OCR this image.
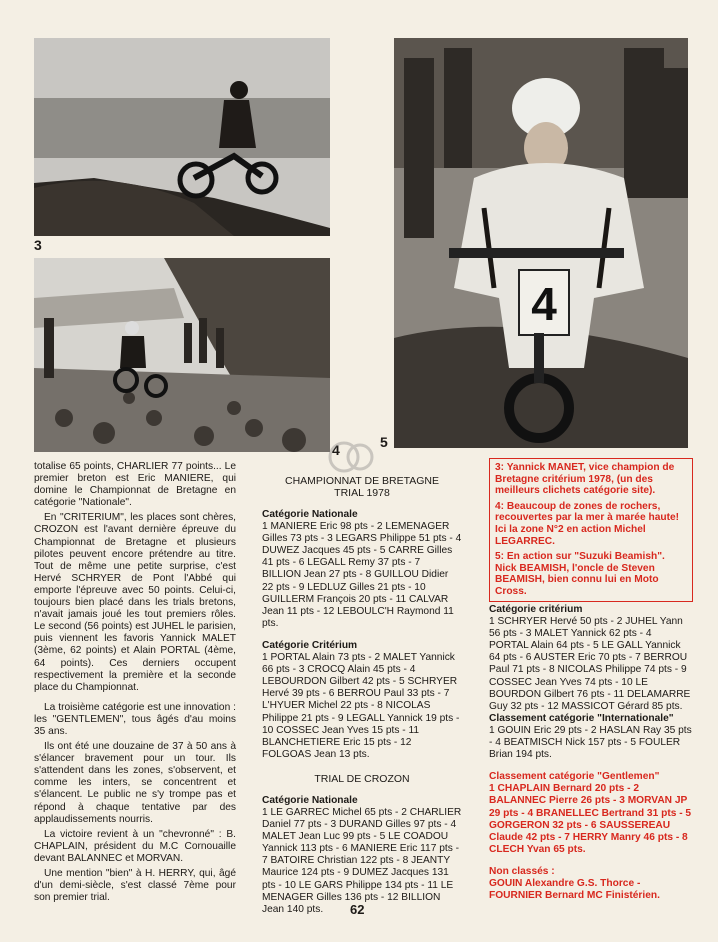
3
4
4	5

totalise 65 points, CHARLIER 77 points... Le premier breton est Eric MANIERE, qui domine le Championnat de Bretagne en catégorie "Nationale".

En "CRITERIUM", les places sont chères, CROZON est l'avant dernière épreuve du Championnat de Bretagne et plusieurs pilotes peuvent encore prétendre au titre. Tout de même une petite surprise, c'est Hervé SCHRYER de Pont l'Abbé qui emporte l'épreuve avec 50 points. Celui-ci, toujours bien placé dans les trials bretons, n'avait jamais joué les tout premiers rôles. Le second (56 points) est JUHEL le parisien, puis viennent les favoris Yannick MALET (3ème, 62 points) et Alain PORTAL (4ème, 64 points). Ces derniers occupent respectivement la première et la seconde place du Championnat.

La troisième catégorie est une innovation : les "GENTLEMEN", tous âgés d'au moins 35 ans.

Ils ont été une douzaine de 37 à 50 ans à s'élancer bravement pour un tour. Ils s'attendent dans les zones, s'observent, et comme les inters, se concentrent et s'élancent. Le public ne s'y trompe pas et répond à chaque tentative par des applaudissements nourris.

La victoire revient à un "chevronné" : B. CHAPLAIN, président du M.C Cornouaille devant BALANNEC et MORVAN.

Une mention "bien" à H. HERRY, qui, âgé d'un demi-siècle, s'est classé 7ème pour son premier trial.

CHAMPIONNAT DE BRETAGNE

TRIAL 1978

Catégorie Nationale

1 MANIERE Eric 98 pts - 2 LEMENAGER Gilles 73 pts - 3 LEGARS Philippe 51 pts - 4 DUWEZ Jacques 45 pts - 5 CARRE Gilles 41 pts - 6 LEGALL Remy 37 pts - 7 BILLION Jean 27 pts - 8 GUILLOU Didier 22 pts - 9 LEDLUZ Gilles 21 pts - 10 GUILLERM François 20 pts - 11 CALVAR Jean 11 pts - 12 LEBOULC'H Raymond 11 pts.

Catégorie Critérium

1 PORTAL Alain 73 pts - 2 MALET Yannick 66 pts - 3 CROCQ Alain 45 pts - 4 LEBOURDON Gilbert 42 pts - 5 SCHRYER Hervé 39 pts - 6 BERROU Paul 33 pts - 7 L'HYUER Michel 22 pts - 8 NICOLAS Philippe 21 pts - 9 LEGALL Yannick 19 pts - 10 COSSEC Jean Yves 15 pts - 11 BLANCHETIERE Eric 15 pts - 12 FOLGOAS Jean 13 pts.

TRIAL DE CROZON

Catégorie Nationale

1 LE GARREC Michel 65 pts - 2 CHARLIER Daniel 77 pts - 3 DURAND Gilles 97 pts - 4 MALET Jean Luc 99 pts - 5 LE COADOU Yannick 113 pts - 6 MANIERE Eric 117 pts - 7 BATOIRE Christian 122 pts - 8 JEANTY Maurice 124 pts - 9 DUMEZ Jacques 131 pts - 10 LE GARS Philippe 134 pts - 11 LE MENAGER Gilles 136 pts - 12 BILLION Jean 140 pts.

3: Yannick MANET, vice champion de Bretagne critérium 1978, (un des meilleurs clichets catégorie site).

4: Beaucoup de zones de rochers, recouvertes par la mer à marée haute! Ici la zone N°2 en action Michel LEGARREC.

5: En action sur "Suzuki Beamish". Nick BEAMISH, l'oncle de Steven BEAMISH, bien connu lui en Moto Cross.

Catégorie critérium

1 SCHRYER Hervé 50 pts - 2 JUHEL Yann 56 pts - 3 MALET Yannick 62 pts - 4 PORTAL Alain 64 pts - 5 LE GALL Yannick 64 pts - 6 AUSTER Eric 70 pts - 7 BERROU Paul 71 pts - 8 NICOLAS Philippe 74 pts - 9 COSSEC Jean Yves 74 pts - 10 LE BOURDON Gilbert 76 pts - 11 DELAMARRE Guy 32 pts - 12 MASSICOT Gérard 85 pts.

Classement catégorie "Internationale"

1 GOUIN Eric 29 pts - 2 HASLAN Ray 35 pts - 4 BEATMISCH Nick 157 pts - 5 FOULER Brian 194 pts.

Classement catégorie "Gentlemen"

1 CHAPLAIN Bernard 20 pts - 2 BALANNEC Pierre 26 pts - 3 MORVAN JP 29 pts - 4 BRANELLEC Bertrand 31 pts - 5 GORGERON 32 pts - 6 SAUSSEREAU Claude 42 pts - 7 HERRY Manry 46 pts - 8 CLECH Yvan 65 pts.

Non classés :

GOUIN Alexandre G.S. Thorce - FOURNIER Bernard MC Finistérien.

62
